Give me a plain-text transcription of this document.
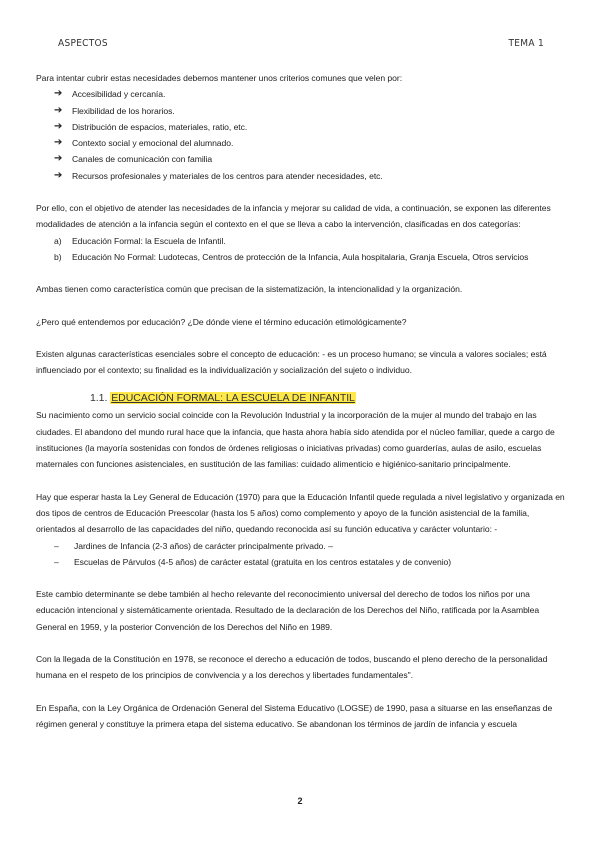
ASPECTOS	TEMA 1

Para intentar cubrir estas necesidades debemos mantener unos criterios comunes que velen por:

➔ Accesibilidad y cercanía.
➔ Flexibilidad de los horarios.
➔ Distribución de espacios, materiales, ratio, etc.
➔ Contexto social y emocional del alumnado.
➔ Canales de comunicación con familia
➔ Recursos profesionales y materiales de los centros para atender necesidades, etc.

Por ello, con el objetivo de atender las necesidades de la infancia y mejorar su calidad de vida, a continuación, se exponen las diferentes modalidades de atención a la infancia según el contexto en el que se lleva a cabo la intervención, clasificadas en dos categorías:

a) Educación Formal: la Escuela de Infantil.
b) Educación No Formal: Ludotecas, Centros de protección de la Infancia, Aula hospitalaria, Granja Escuela, Otros servicios

Ambas tienen como característica común que precisan de la sistematización, la intencionalidad y la organización.

¿Pero qué entendemos por educación? ¿De dónde viene el término educación etimológicamente?

Existen algunas características esenciales sobre el concepto de educación: - es un proceso humano; se vincula a valores sociales; está influenciado por el contexto; su finalidad es la individualización y socialización del sujeto o individuo.

1.1. EDUCACIÓN FORMAL: LA ESCUELA DE INFANTIL

Su nacimiento como un servicio social coincide con la Revolución Industrial y la incorporación de la mujer al mundo del trabajo en las ciudades. El abandono del mundo rural hace que la infancia, que hasta ahora había sido atendida por el núcleo familiar, quede a cargo de instituciones (la mayoría sostenidas con fondos de órdenes religiosas o iniciativas privadas) como guarderías, aulas de asilo, escuelas maternales con funciones asistenciales, en sustitución de las familias: cuidado alimenticio e higiénico-sanitario principalmente.

Hay que esperar hasta la Ley General de Educación (1970) para que la Educación Infantil quede regulada a nivel legislativo y organizada en dos tipos de centros de Educación Preescolar (hasta los 5 años) como complemento y apoyo de la función asistencial de la familia, orientados al desarrollo de las capacidades del niño, quedando reconocida así su función educativa y carácter voluntario: -

– Jardines de Infancia (2-3 años) de carácter principalmente privado. –
– Escuelas de Párvulos (4-5 años) de carácter estatal (gratuita en los centros estatales y de convenio)

Este cambio determinante se debe también al hecho relevante del reconocimiento universal del derecho de todos los niños por una educación intencional y sistemáticamente orientada. Resultado de la declaración de los Derechos del Niño, ratificada por la Asamblea General en 1959, y la posterior Convención de los Derechos del Niño en 1989.

Con la llegada de la Constitución en 1978, se reconoce el derecho a educación de todos, buscando el pleno derecho de la personalidad humana en el respeto de los principios de convivencia y a los derechos y libertades fundamentales".

En España, con la Ley Orgánica de Ordenación General del Sistema Educativo (LOGSE) de 1990, pasa a situarse en las enseñanzas de régimen general y constituye la primera etapa del sistema educativo. Se abandonan los términos de jardín de infancia y escuela

2
